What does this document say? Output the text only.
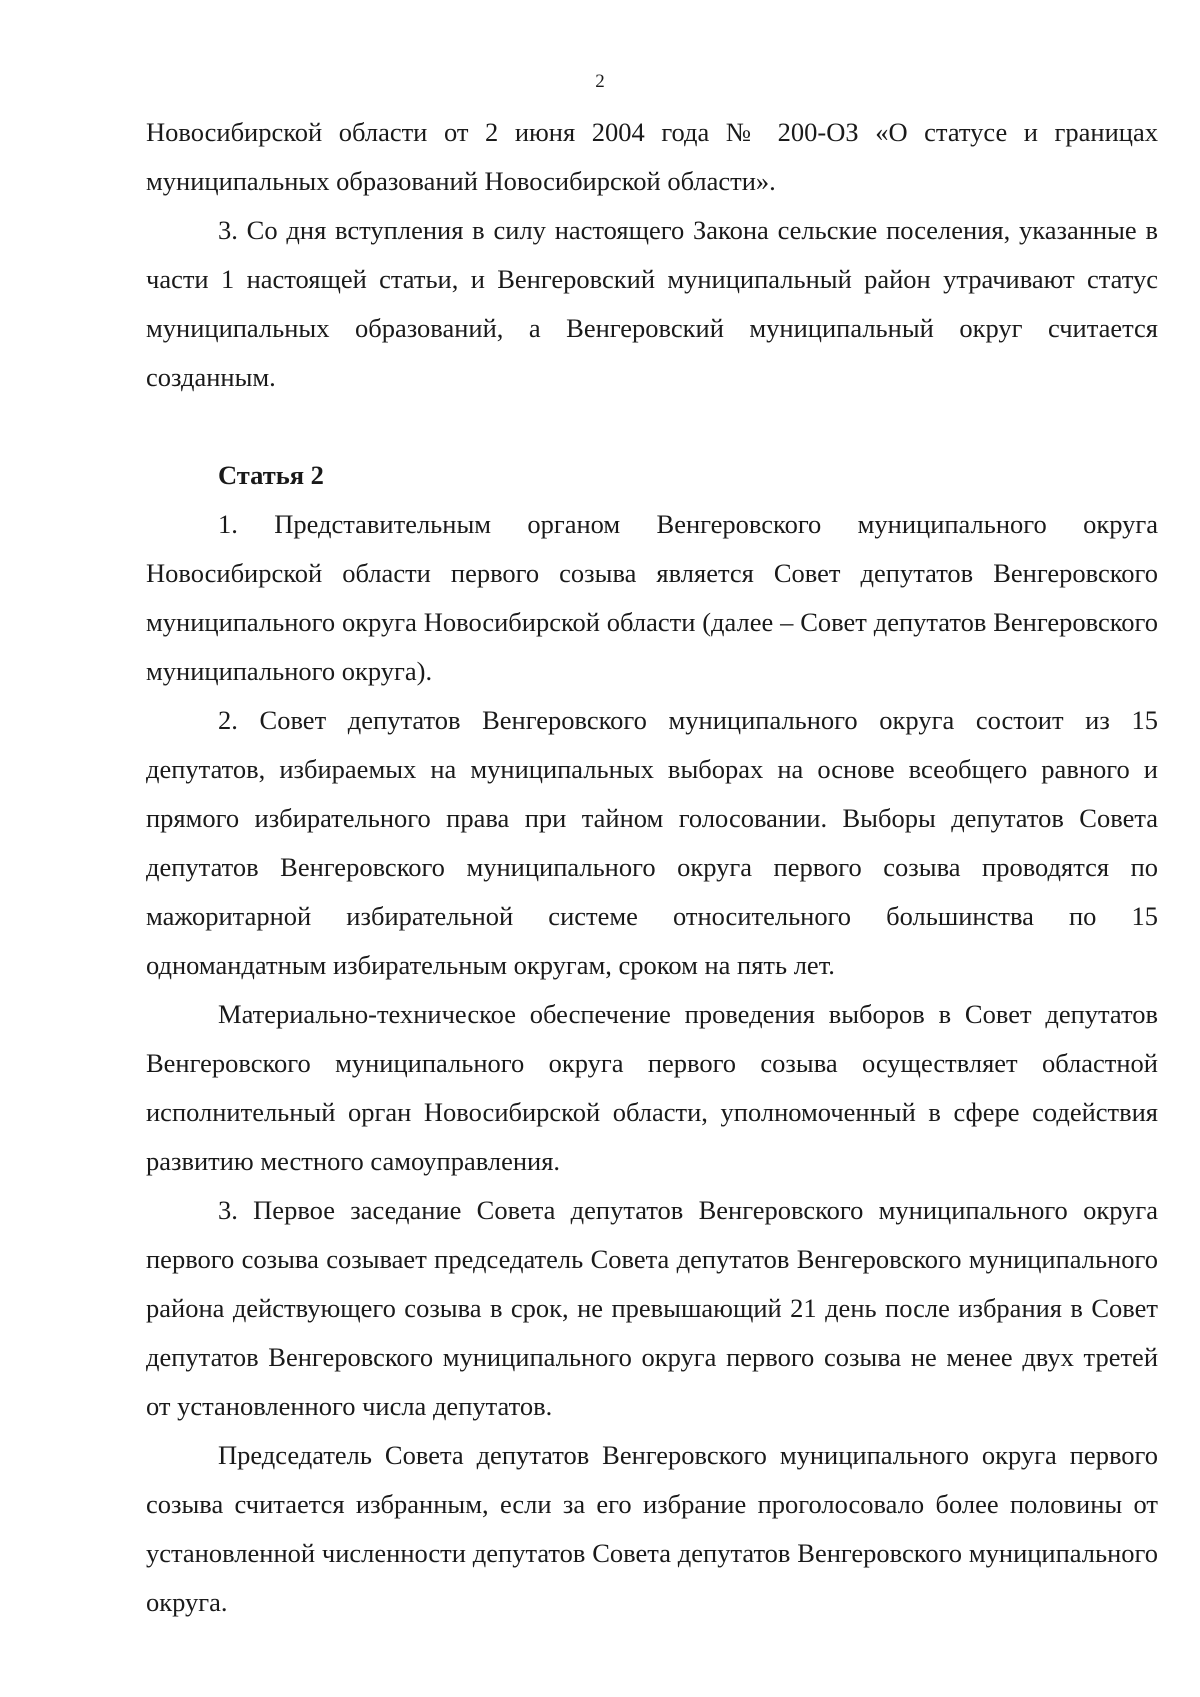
2

Новосибирской области от 2 июня 2004 года № 200-ОЗ «О статусе и границах муниципальных образований Новосибирской области».

3. Со дня вступления в силу настоящего Закона сельские поселения, указанные в части 1 настоящей статьи, и Венгеровский муниципальный район утрачивают статус муниципальных образований, а Венгеровский муниципальный округ считается созданным.

Статья 2

1. Представительным органом Венгеровского муниципального округа Новосибирской области первого созыва является Совет депутатов Венгеровского муниципального округа Новосибирской области (далее – Совет депутатов Венгеровского муниципального округа).

2. Совет депутатов Венгеровского муниципального округа состоит из 15 депутатов, избираемых на муниципальных выборах на основе всеобщего равного и прямого избирательного права при тайном голосовании. Выборы депутатов Совета депутатов Венгеровского муниципального округа первого созыва проводятся по мажоритарной избирательной системе относительного большинства по 15 одномандатным избирательным округам, сроком на пять лет.

Материально-техническое обеспечение проведения выборов в Совет депутатов Венгеровского муниципального округа первого созыва осуществляет областной исполнительный орган Новосибирской области, уполномоченный в сфере содействия развитию местного самоуправления.

3. Первое заседание Совета депутатов Венгеровского муниципального округа первого созыва созывает председатель Совета депутатов Венгеровского муниципального района действующего созыва в срок, не превышающий 21 день после избрания в Совет депутатов Венгеровского муниципального округа первого созыва не менее двух третей от установленного числа депутатов.

Председатель Совета депутатов Венгеровского муниципального округа первого созыва считается избранным, если за его избрание проголосовало более половины от установленной численности депутатов Совета депутатов Венгеровского муниципального округа.
